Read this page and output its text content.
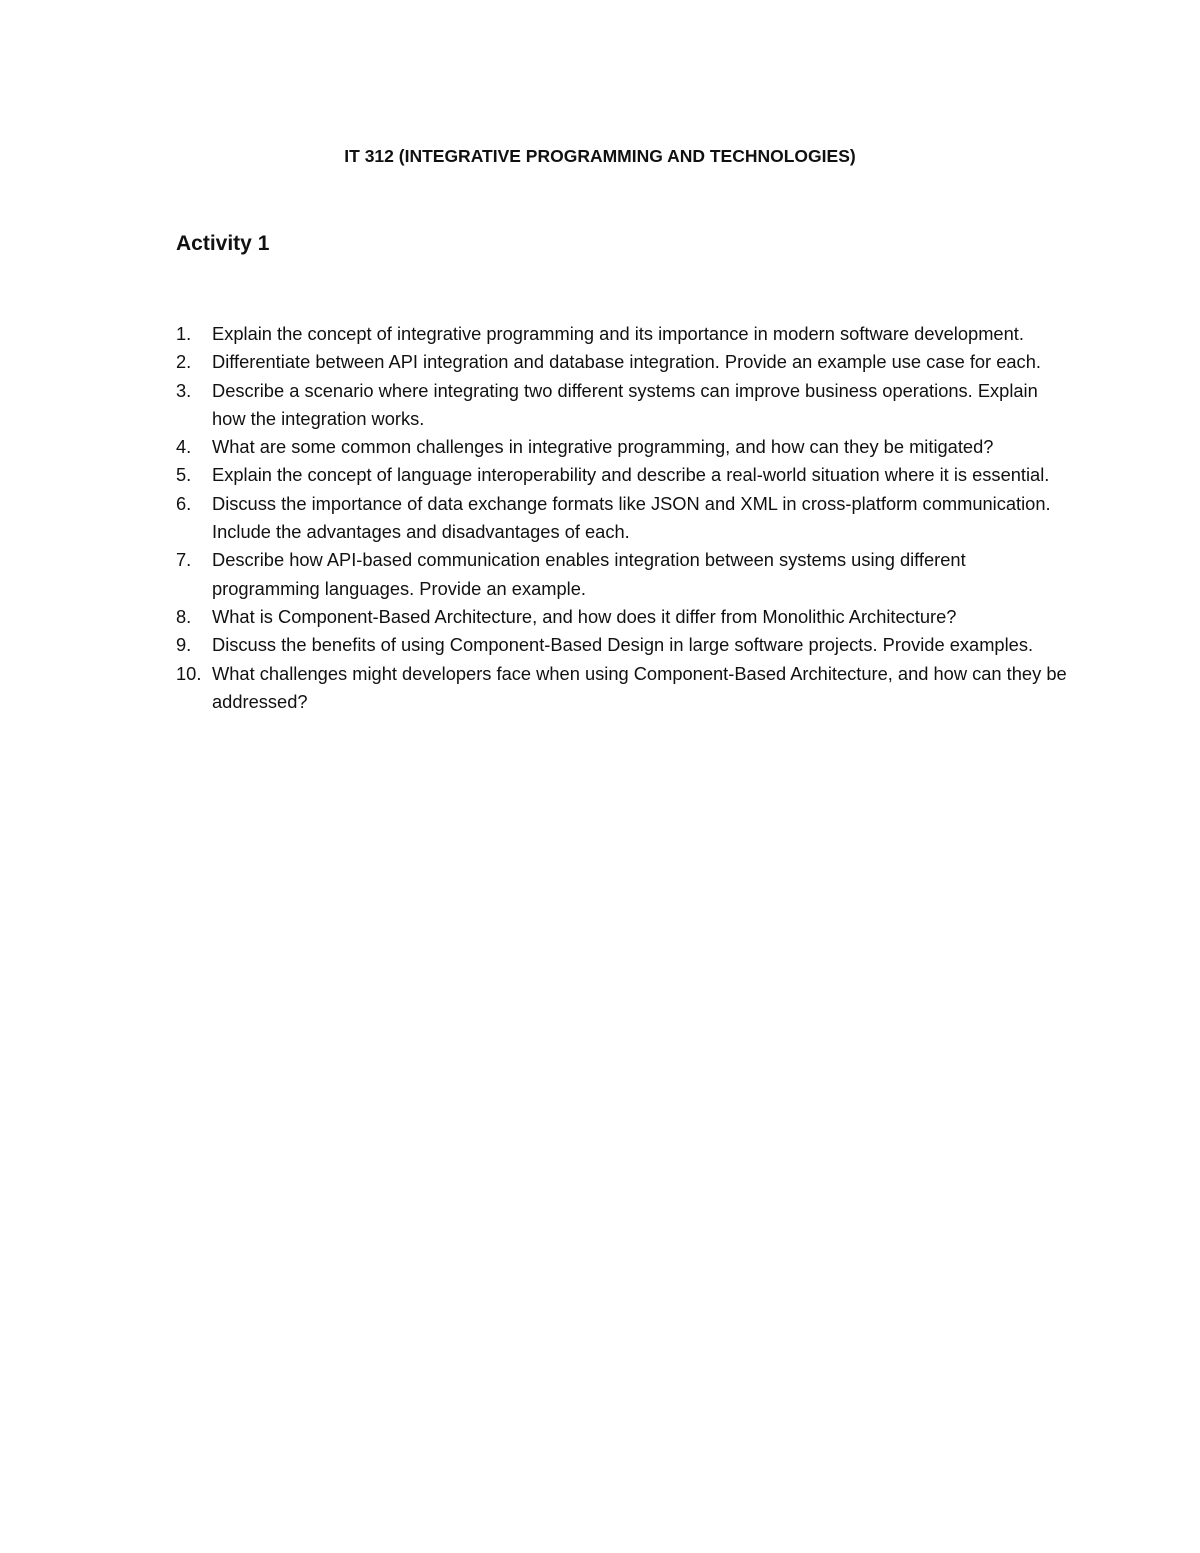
IT 312 (INTEGRATIVE PROGRAMMING AND TECHNOLOGIES)
Activity 1
1.	Explain the concept of integrative programming and its importance in modern software development.
2.	Differentiate between API integration and database integration. Provide an example use case for each.
3.	Describe a scenario where integrating two different systems can improve business operations. Explain how the integration works.
4.	What are some common challenges in integrative programming, and how can they be mitigated?
5.	Explain the concept of language interoperability and describe a real-world situation where it is essential.
6.	Discuss the importance of data exchange formats like JSON and XML in cross-platform communication. Include the advantages and disadvantages of each.
7.	Describe how API-based communication enables integration between systems using different programming languages. Provide an example.
8.	What is Component-Based Architecture, and how does it differ from Monolithic Architecture?
9.	Discuss the benefits of using Component-Based Design in large software projects. Provide examples.
10. What challenges might developers face when using Component-Based Architecture, and how can they be addressed?
